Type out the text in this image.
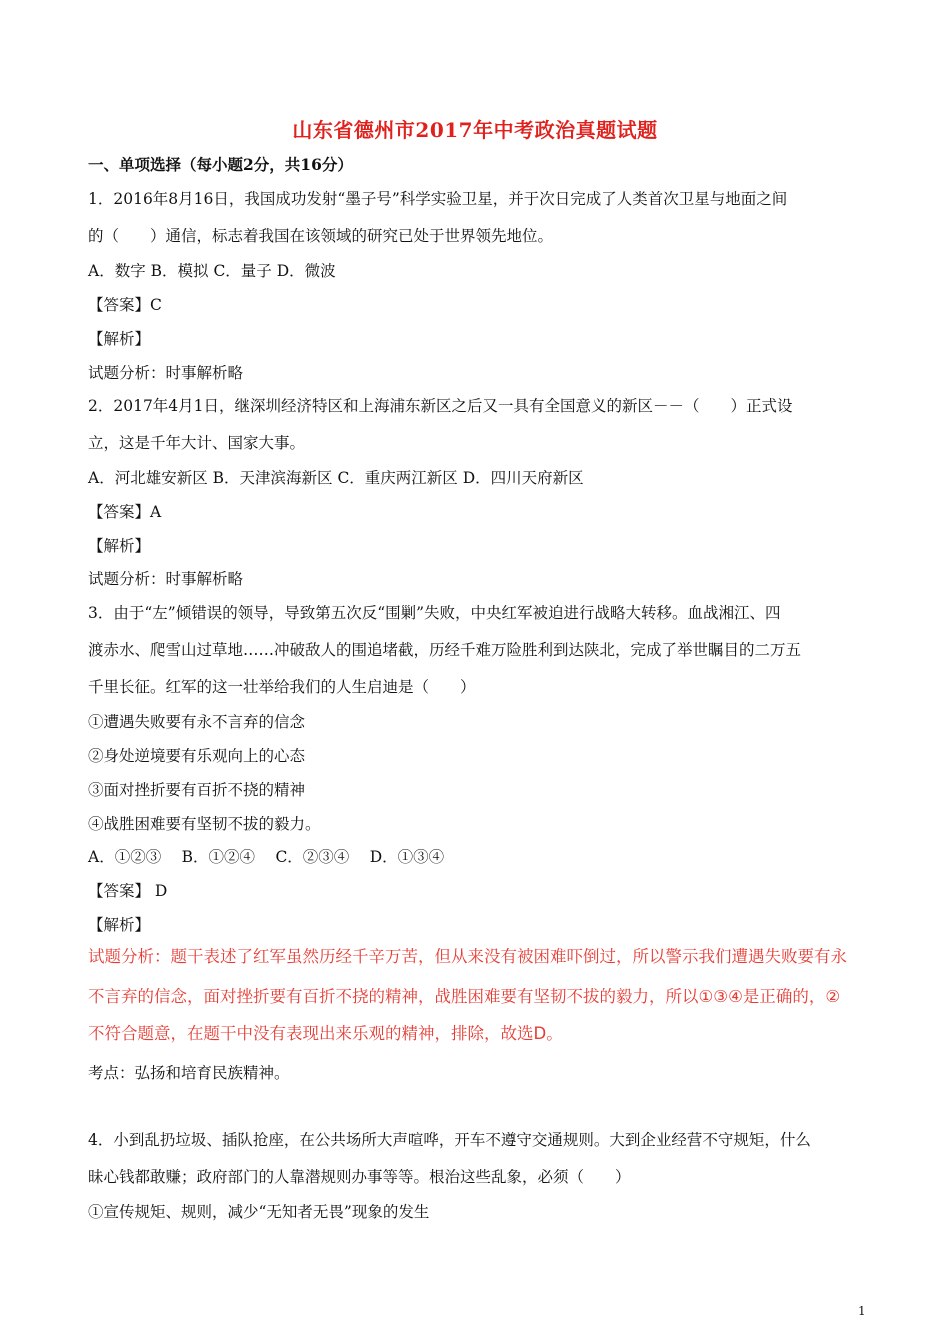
山东省德州市2017年中考政治真题试题
一、单项选择（每小题2分，共16分）
1．2016年8月16日，我国成功发射“墨子号”科学实验卫星，并于次日完成了人类首次卫星与地面之间
的（　　）通信，标志着我国在该领域的研究已处于世界领先地位。
A．数字 B．模拟 C．量子 D．微波
【答案】C
【解析】
试题分析：时事解析略
2．2017年4月1日，继深圳经济特区和上海浦东新区之后又一具有全国意义的新区－－（　　）正式设
立，这是千年大计、国家大事。
A．河北雄安新区 B．天津滨海新区 C．重庆两江新区 D．四川天府新区
【答案】A
【解析】
试题分析：时事解析略
3．由于“左”倾错误的领导，导致第五次反“围剿”失败，中央红军被迫进行战略大转移。血战湘江、四
渡赤水、爬雪山过草地……冲破敌人的围追堵截，历经千难万险胜利到达陕北，完成了举世瞩目的二万五
千里长征。红军的这一壮举给我们的人生启迪是（　　）
①遭遇失败要有永不言弃的信念
②身处逆境要有乐观向上的心态
③面对挫折要有百折不挠的精神
④战胜困难要有坚韧不拔的毅力。
A．①②③　 B．①②④　 C．②③④　 D．①③④
【答案】 D
【解析】
试题分析：题干表述了红军虽然历经千辛万苦，但从来没有被困难吓倒过，所以警示我们遭遇失败要有永
不言弃的信念，面对挫折要有百折不挠的精神，战胜困难要有坚韧不拔的毅力，所以①③④是正确的，②
不符合题意，在题干中没有表现出来乐观的精神，排除，故选D。
考点：弘扬和培育民族精神。
4．小到乱扔垃圾、插队抢座，在公共场所大声喧哗，开车不遵守交通规则。大到企业经营不守规矩，什么
昧心钱都敢赚；政府部门的人靠潜规则办事等等。根治这些乱象，必须（　　）
①宣传规矩、规则，减少“无知者无畏”现象的发生
1
